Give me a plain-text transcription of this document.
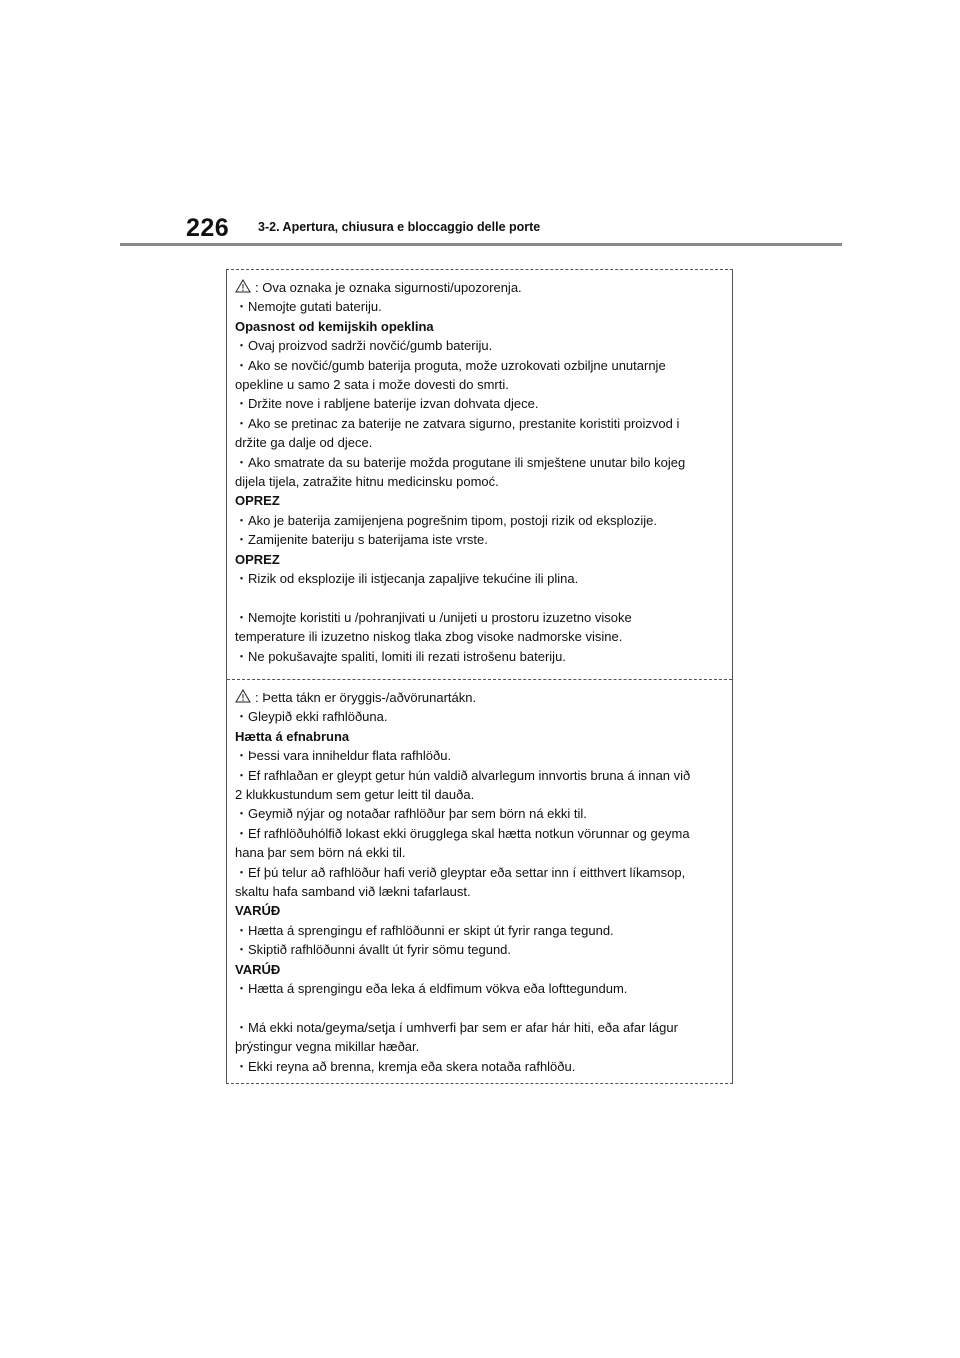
226 3-2. Apertura, chiusura e bloccaggio delle porte
: Ova oznaka je oznaka sigurnosti/upozorenja.
・Nemojte gutati bateriju.
Opasnost od kemijskih opeklina
・Ovaj proizvod sadrži novčić/gumb bateriju.
・Ako se novčić/gumb baterija proguta, može uzrokovati ozbiljne unutarnje
opekline u samo 2 sata i može dovesti do smrti.
・Držite nove i rabljene baterije izvan dohvata djece.
・Ako se pretinac za baterije ne zatvara sigurno, prestanite koristiti proizvod i
držite ga dalje od djece.
・Ako smatrate da su baterije možda progutane ili smještene unutar bilo kojeg
dijela tijela, zatražite hitnu medicinsku pomoć.
OPREZ
・Ako je baterija zamijenjena pogrešnim tipom, postoji rizik od eksplozije.
・Zamijenite bateriju s baterijama iste vrste.
OPREZ
・Rizik od eksplozije ili istjecanja zapaljive tekućine ili plina.
・Nemojte koristiti u /pohranjivati u /unijeti u prostoru izuzetno visoke
temperature ili izuzetno niskog tlaka zbog visoke nadmorske visine.
・Ne pokušavajte spaliti, lomiti ili rezati istrošenu bateriju.
: Þetta tákn er öryggis-/aðvörunartákn.
・Gleypið ekki rafhlöðuna.
Hætta á efnabruna
・Þessi vara inniheldur flata rafhlöðu.
・Ef rafhlaðan er gleypt getur hún valdið alvarlegum innvortis bruna á innan við
2 klukkustundum sem getur leitt til dauða.
・Geymið nýjar og notaðar rafhlöður þar sem börn ná ekki til.
・Ef rafhlöðuhólfið lokast ekki örugglega skal hætta notkun vörunnar og geyma
hana þar sem börn ná ekki til.
・Ef þú telur að rafhlöður hafi verið gleyptar eða settar inn í eitthvert líkamsop,
skaltu hafa samband við lækni tafarlaust.
VARÚÐ
・Hætta á sprengingu ef rafhlöðunni er skipt út fyrir ranga tegund.
・Skiptið rafhlöðunni ávallt út fyrir sömu tegund.
VARÚÐ
・Hætta á sprengingu eða leka á eldfimum vökva eða lofttegundum.
・Má ekki nota/geyma/setja í umhverfi þar sem er afar hár hiti, eða afar lágur
þrýstingur vegna mikillar hæðar.
・Ekki reyna að brenna, kremja eða skera notaða rafhlöðu.
